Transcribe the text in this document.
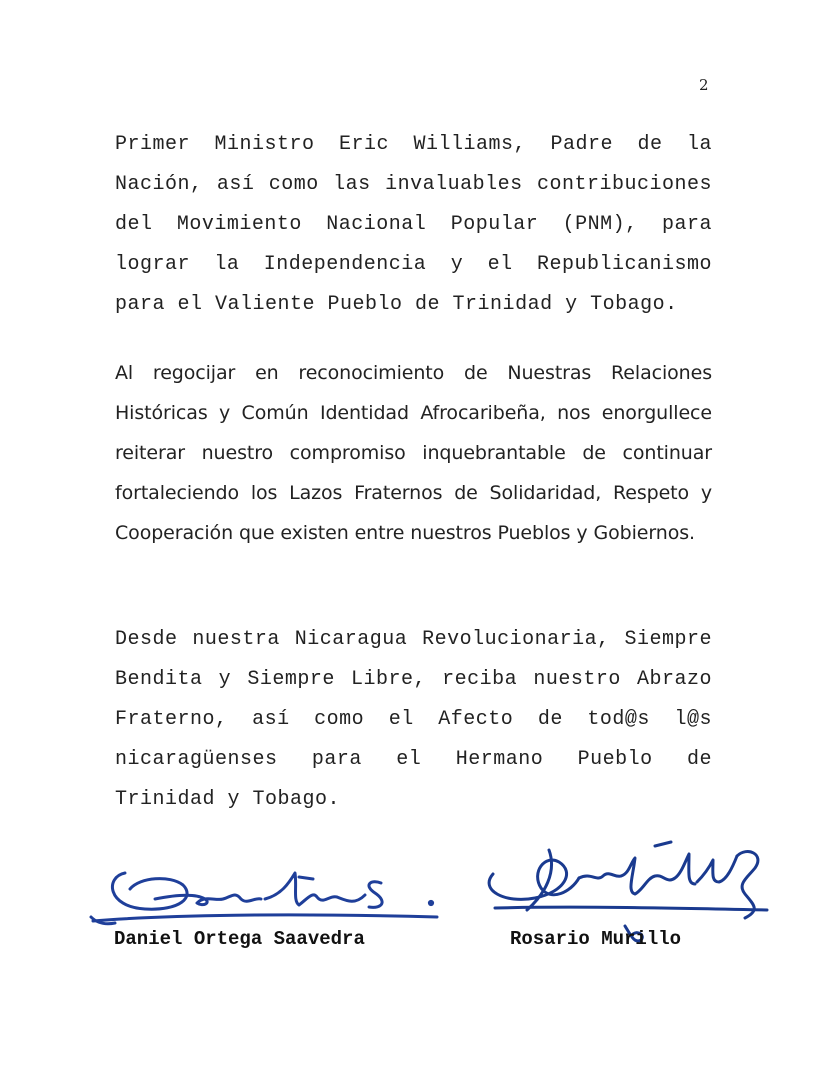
2

Primer Ministro Eric Williams, Padre de la Nación, así como las invaluables contribuciones del Movimiento Nacional Popular (PNM), para lograr la Independencia y el Republicanismo para el Valiente Pueblo de Trinidad y Tobago.

Al regocijar en reconocimiento de Nuestras Relaciones Históricas y Común Identidad Afrocaribeña, nos enorgullece reiterar nuestro compromiso inquebrantable de continuar fortaleciendo los Lazos Fraternos de Solidaridad, Respeto y Cooperación que existen entre nuestros Pueblos y Gobiernos.

Desde nuestra Nicaragua Revolucionaria, Siempre Bendita y Siempre Libre, reciba nuestro Abrazo Fraterno, así como el Afecto de tod@s l@s nicaragüenses para el Hermano Pueblo de Trinidad y Tobago.

Daniel Ortega Saavedra	Rosario Murillo
